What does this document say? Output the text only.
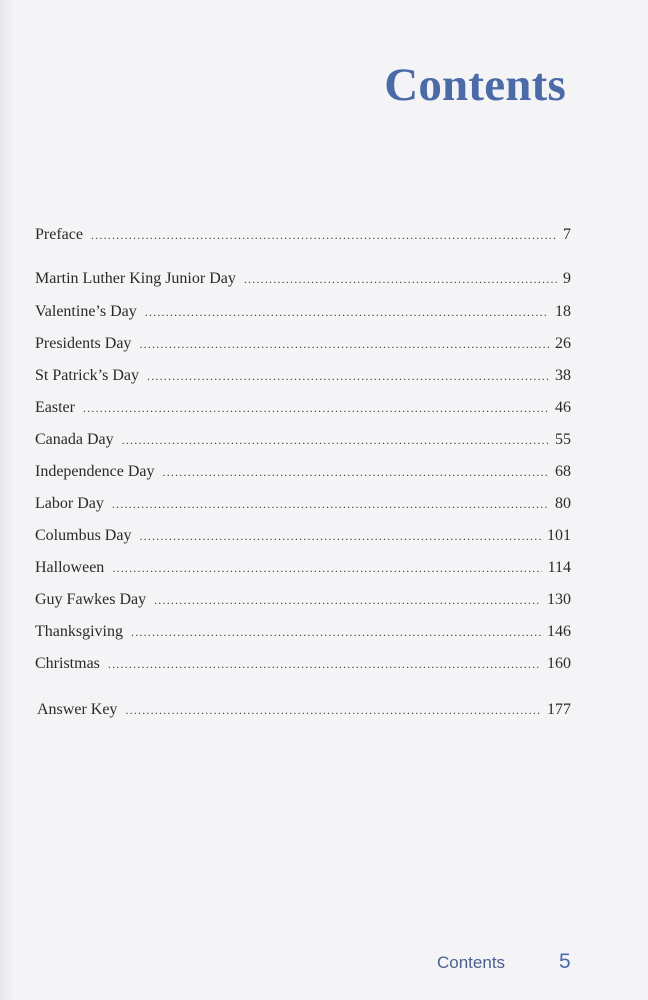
Contents
Preface .....	7
Martin Luther King Junior Day .....	9
Valentine’s Day .....	18
Presidents Day .....	26
St Patrick’s Day .....	38
Easter .....	46
Canada Day .....	55
Independence Day .....	68
Labor Day .....	80
Columbus Day .....	101
Halloween .....	114
Guy Fawkes Day .....	130
Thanksgiving .....	146
Christmas .....	160
Answer Key .....	177
Contents	5
